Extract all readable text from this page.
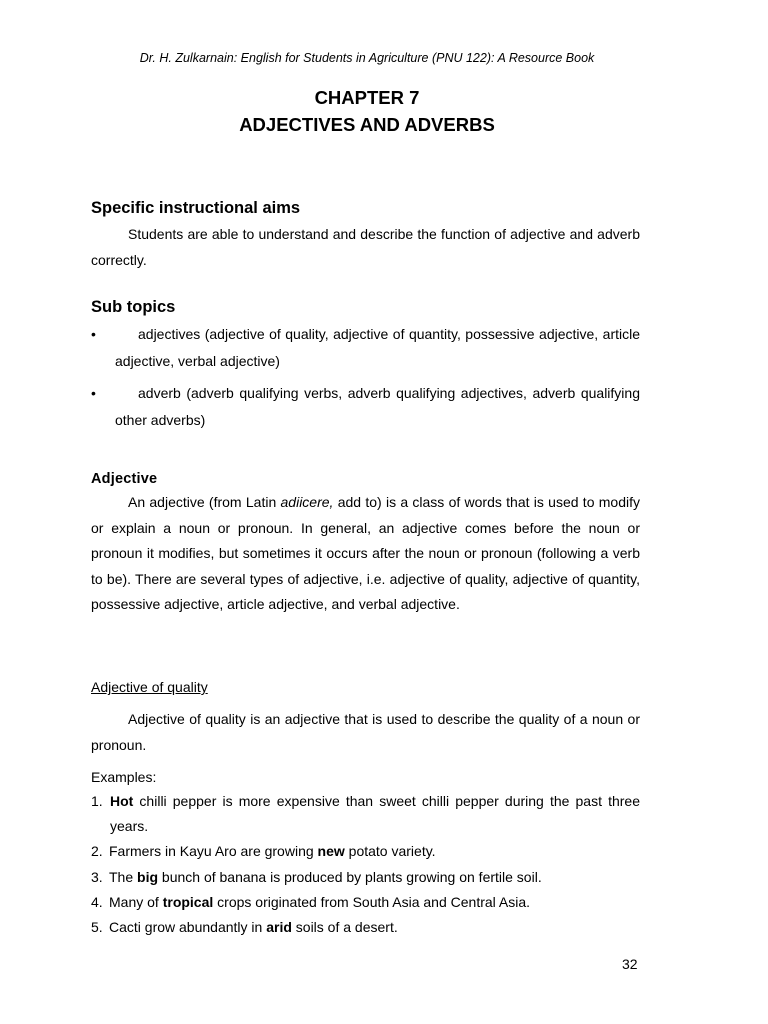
Dr. H. Zulkarnain: English for Students in Agriculture (PNU 122): A Resource Book
CHAPTER 7
ADJECTIVES AND ADVERBS
Specific instructional aims

Students are able to understand and describe the function of adjective and adverb correctly.

Sub topics
•	adjectives (adjective of quality, adjective of quantity, possessive adjective, article adjective, verbal adjective)
•	adverb (adverb qualifying verbs, adverb qualifying adjectives, adverb qualifying other adverbs)
Adjective

An adjective (from Latin adiicere, add to) is a class of words that is used to modify or explain a noun or pronoun. In general, an adjective comes before the noun or pronoun it modifies, but sometimes it occurs after the noun or pronoun (following a verb to be). There are several types of adjective, i.e. adjective of quality, adjective of quantity, possessive adjective, article adjective, and verbal adjective.

Adjective of quality

Adjective of quality is an adjective that is used to describe the quality of a noun or pronoun.

Examples:
1. Hot chilli pepper is more expensive than sweet chilli pepper during the past three years.
2. Farmers in Kayu Aro are growing new potato variety.
3. The big bunch of banana is produced by plants growing on fertile soil.
4. Many of tropical crops originated from South Asia and Central Asia.
5. Cacti grow abundantly in arid soils of a desert.
32
